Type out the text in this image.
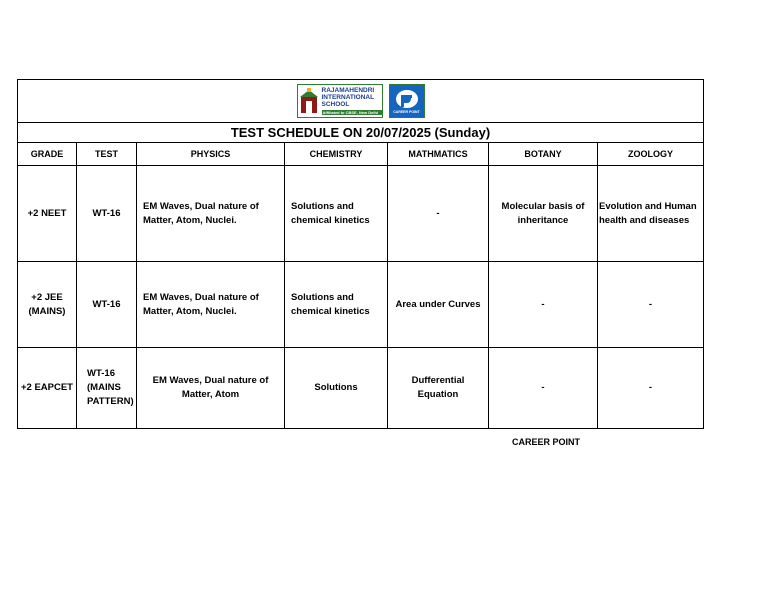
RAJAMAHENDRI
INTERNATIONAL
SCHOOL
Affiliated to CBSE, New Delhi CAREER POINT						

TEST SCHEDULE ON 20/07/2025 (Sunday)						
GRADE	TEST	PHYSICS	CHEMISTRY	MATHMATICS	BOTANY	ZOOLOGY
+2 NEET	WT-16	EM Waves, Dual nature of Matter, Atom, Nuclei.	Solutions and chemical kinetics	-	Molecular basis of inheritance	Evolution and Human health and diseases
+2 JEE (MAINS)	WT-16	EM Waves, Dual nature of Matter, Atom, Nuclei.	Solutions and chemical kinetics	Area under Curves	-	-
+2 EAPCET	WT-16 (MAINS PATTERN)	EM Waves, Dual nature of Matter, Atom	Solutions	Dufferential Equation	-	-
CAREER POINT
